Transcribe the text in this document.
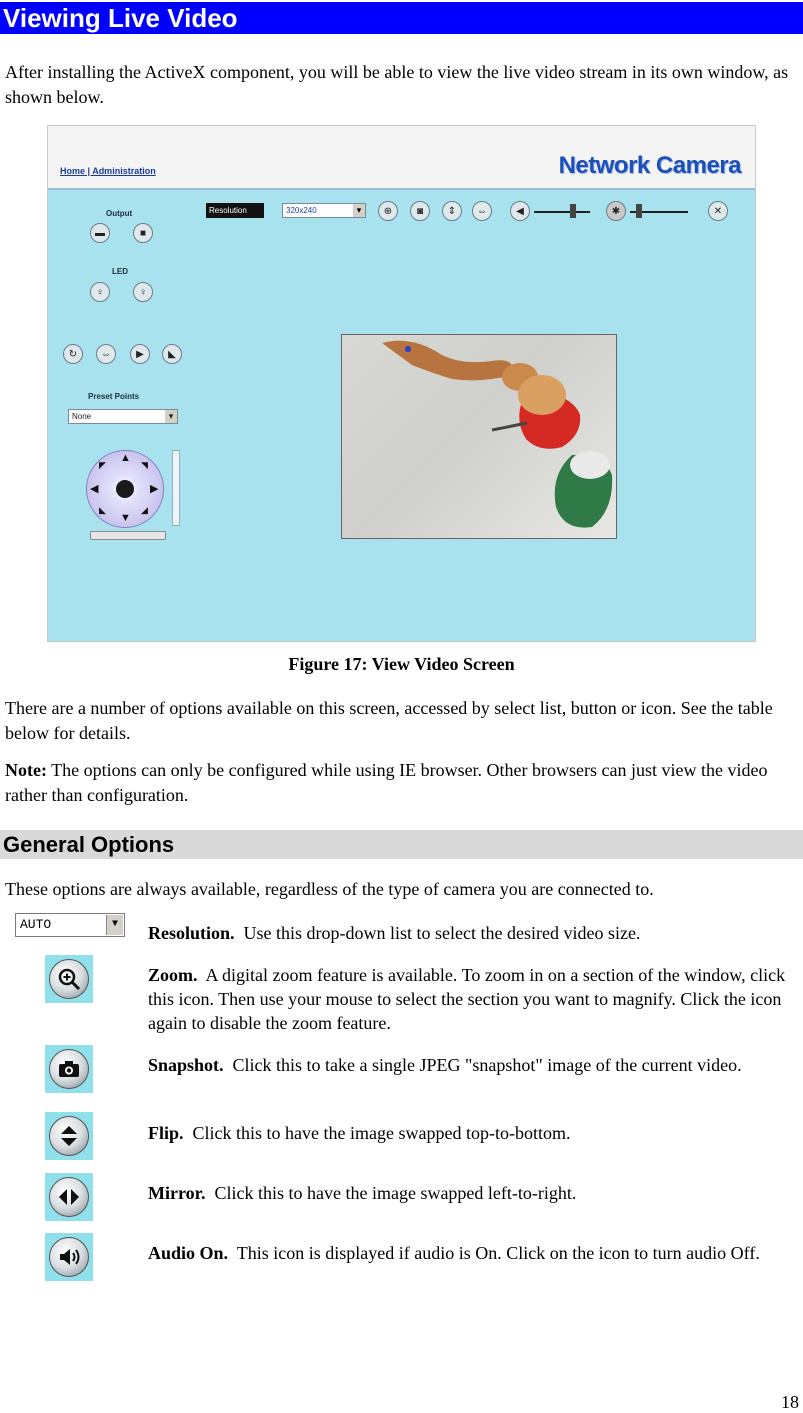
Viewing Live Video

After installing the ActiveX component, you will be able to view the live video stream in its own window, as shown below.

Home | Administration	Network Camera
Output
▬	■
LED
♀	♀
↻	⇔	▶	◣
Preset Points
None ▾
▲
▼
◀	▶
◤	◥
◣	◢
Resolution	320x240 ▾	⊕	◙	⇕	⇔	◀	✱	✕
Figure 17: View Video Screen

There are a number of options available on this screen, accessed by select list, button or icon. See the table below for details.

Note: The options can only be configured while using IE browser. Other browsers can just view the video rather than configuration.

General Options

These options are always available, regardless of the type of camera you are connected to.

AUTO	▼ Resolution.  Use this drop-down list to select the desired video size.

Zoom.  A digital zoom feature is available. To zoom in on a section of the window, click this icon. Then use your mouse to select the section you want to magnify. Click the icon again to disable the zoom feature.

Snapshot.  Click this to take a single JPEG "snapshot" image of the current video.

Flip.  Click this to have the image swapped top-to-bottom.

Mirror.  Click this to have the image swapped left-to-right.

Audio On.  This icon is displayed if audio is On. Click on the icon to turn audio Off.

18
